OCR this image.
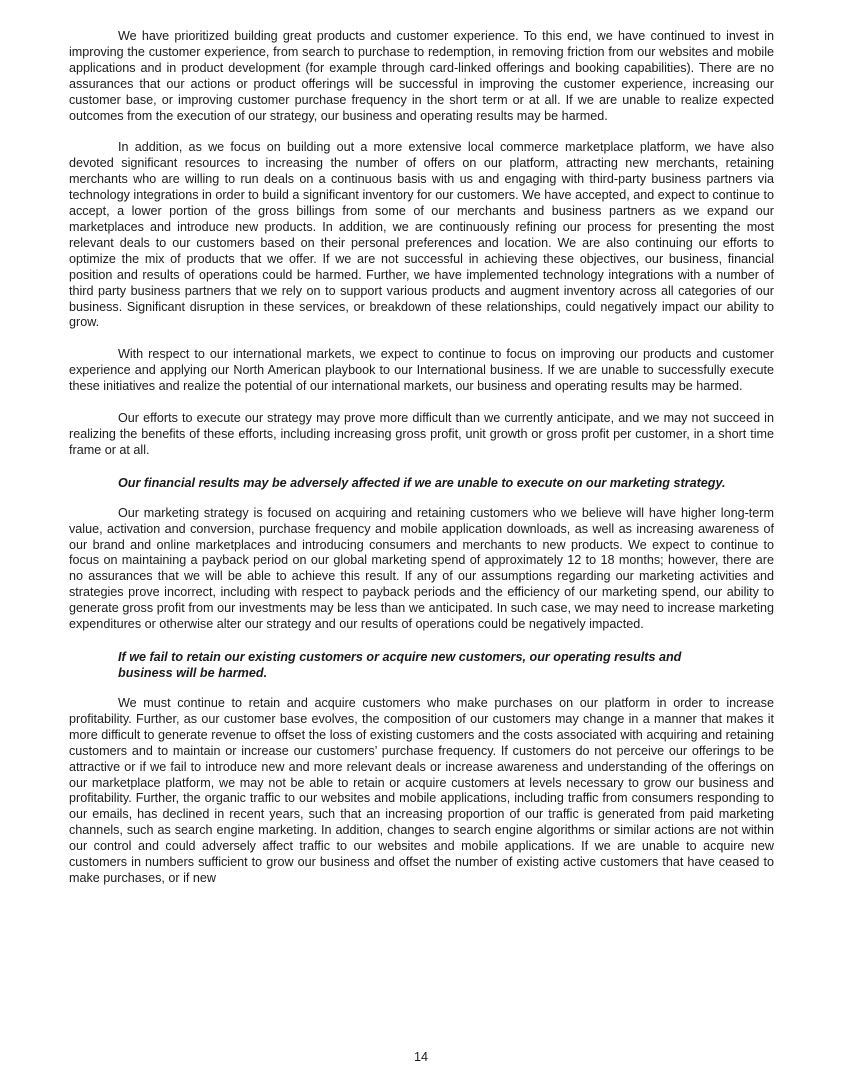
We have prioritized building great products and customer experience. To this end, we have continued to invest in improving the customer experience, from search to purchase to redemption, in removing friction from our websites and mobile applications and in product development (for example through card-linked offerings and booking capabilities). There are no assurances that our actions or product offerings will be successful in improving the customer experience, increasing our customer base, or improving customer purchase frequency in the short term or at all. If we are unable to realize expected outcomes from the execution of our strategy, our business and operating results may be harmed.

In addition, as we focus on building out a more extensive local commerce marketplace platform, we have also devoted significant resources to increasing the number of offers on our platform, attracting new merchants, retaining merchants who are willing to run deals on a continuous basis with us and engaging with third-party business partners via technology integrations in order to build a significant inventory for our customers. We have accepted, and expect to continue to accept, a lower portion of the gross billings from some of our merchants and business partners as we expand our marketplaces and introduce new products. In addition, we are continuously refining our process for presenting the most relevant deals to our customers based on their personal preferences and location. We are also continuing our efforts to optimize the mix of products that we offer. If we are not successful in achieving these objectives, our business, financial position and results of operations could be harmed. Further, we have implemented technology integrations with a number of third party business partners that we rely on to support various products and augment inventory across all categories of our business. Significant disruption in these services, or breakdown of these relationships, could negatively impact our ability to grow.

With respect to our international markets, we expect to continue to focus on improving our products and customer experience and applying our North American playbook to our International business. If we are unable to successfully execute these initiatives and realize the potential of our international markets, our business and operating results may be harmed.

Our efforts to execute our strategy may prove more difficult than we currently anticipate, and we may not succeed in realizing the benefits of these efforts, including increasing gross profit, unit growth or gross profit per customer, in a short time frame or at all.

Our financial results may be adversely affected if we are unable to execute on our marketing strategy.

Our marketing strategy is focused on acquiring and retaining customers who we believe will have higher long-term value, activation and conversion, purchase frequency and mobile application downloads, as well as increasing awareness of our brand and online marketplaces and introducing consumers and merchants to new products. We expect to continue to focus on maintaining a payback period on our global marketing spend of approximately 12 to 18 months; however, there are no assurances that we will be able to achieve this result. If any of our assumptions regarding our marketing activities and strategies prove incorrect, including with respect to payback periods and the efficiency of our marketing spend, our ability to generate gross profit from our investments may be less than we anticipated. In such case, we may need to increase marketing expenditures or otherwise alter our strategy and our results of operations could be negatively impacted.

If we fail to retain our existing customers or acquire new customers, our operating results and business will be harmed.

We must continue to retain and acquire customers who make purchases on our platform in order to increase profitability. Further, as our customer base evolves, the composition of our customers may change in a manner that makes it more difficult to generate revenue to offset the loss of existing customers and the costs associated with acquiring and retaining customers and to maintain or increase our customers’ purchase frequency. If customers do not perceive our offerings to be attractive or if we fail to introduce new and more relevant deals or increase awareness and understanding of the offerings on our marketplace platform, we may not be able to retain or acquire customers at levels necessary to grow our business and profitability. Further, the organic traffic to our websites and mobile applications, including traffic from consumers responding to our emails, has declined in recent years, such that an increasing proportion of our traffic is generated from paid marketing channels, such as search engine marketing. In addition, changes to search engine algorithms or similar actions are not within our control and could adversely affect traffic to our websites and mobile applications. If we are unable to acquire new customers in numbers sufficient to grow our business and offset the number of existing active customers that have ceased to make purchases, or if new

14
